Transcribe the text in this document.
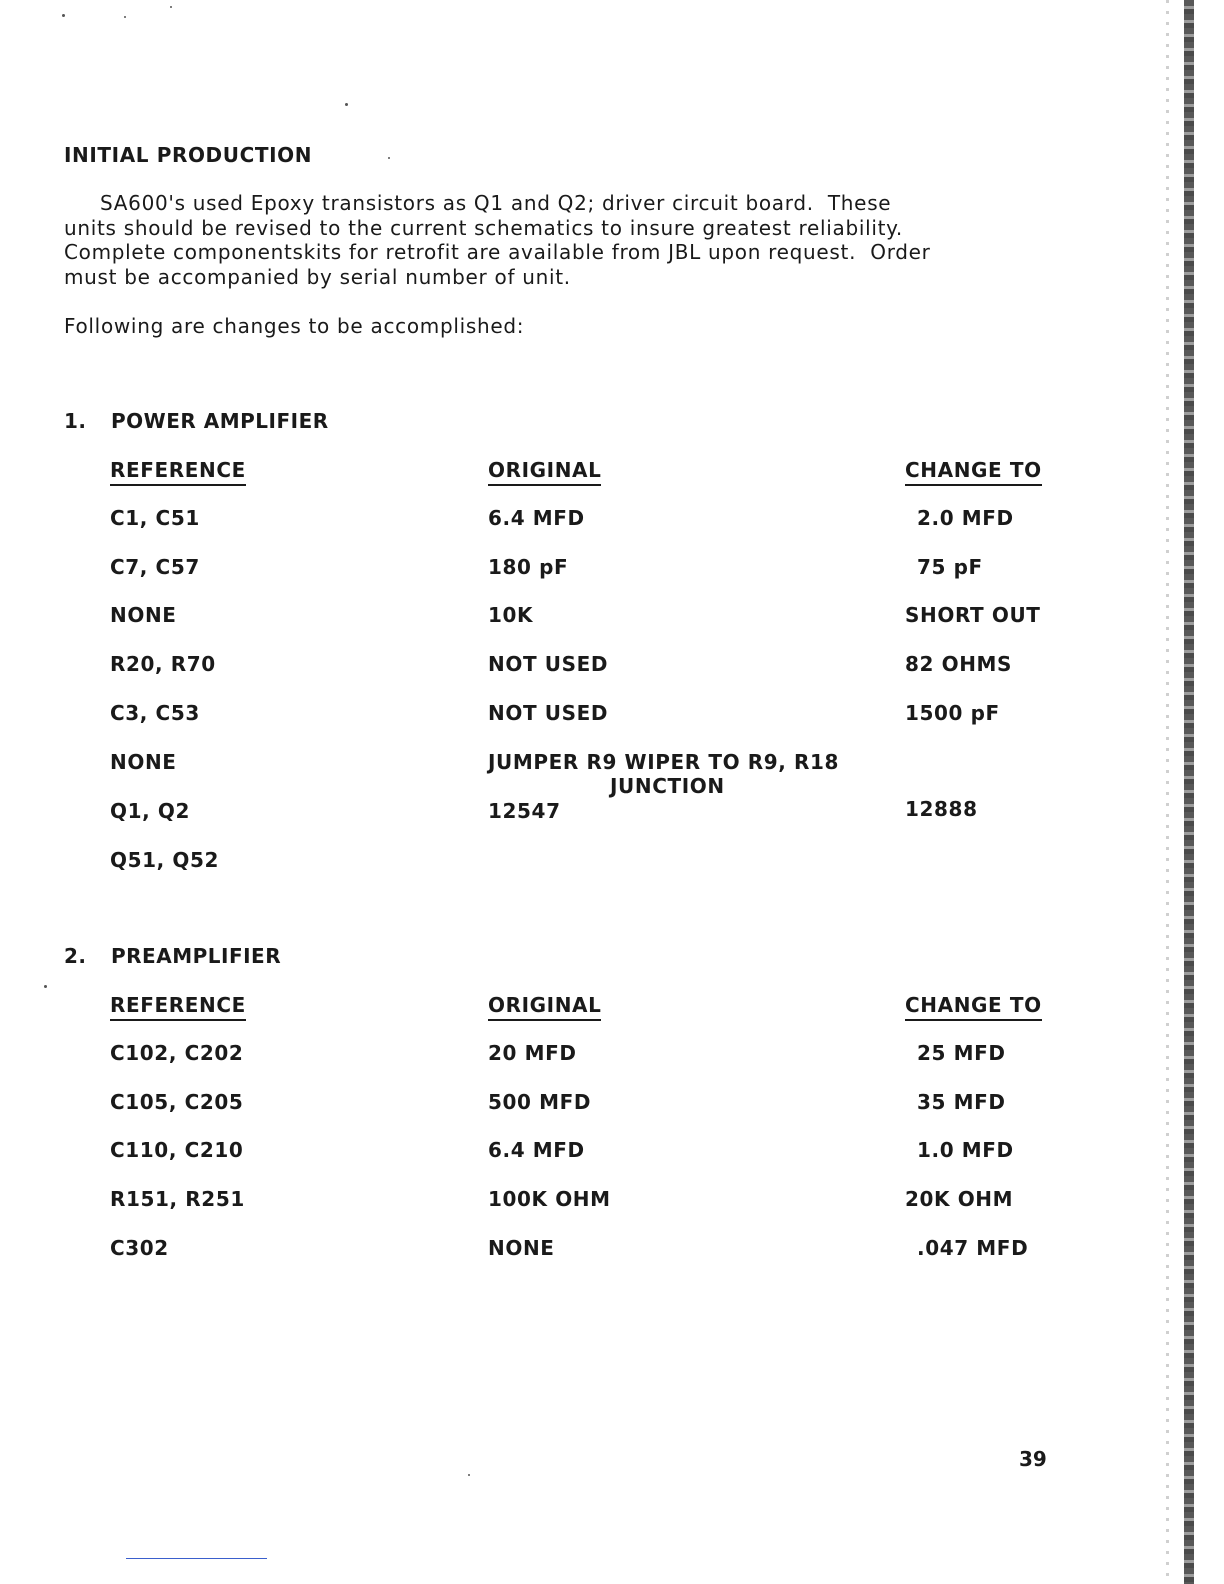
INITIAL PRODUCTION
SA600's used Epoxy transistors as Q1 and Q2; driver circuit board.  These
units should be revised to the current schematics to insure greatest reliability.
Complete componentskits for retrofit are available from JBL upon request.  Order
must be accompanied by serial number of unit.
Following are changes to be accomplished:
1. POWER AMPLIFIER
REFERENCE	ORIGINAL	CHANGE TO
C1, C51	6.4 MFD	2.0 MFD
C7, C57	180 pF	75 pF
NONE	10K	SHORT OUT
R20, R70	NOT USED	82 OHMS
C3, C53	NOT USED	1500 pF
NONE	JUMPER R9 WIPER TO R9, R18
JUNCTION
Q1, Q2	12547	12888
Q51, Q52
2. PREAMPLIFIER
REFERENCE	ORIGINAL	CHANGE TO
C102, C202	20 MFD	25 MFD
C105, C205	500 MFD	35 MFD
C110, C210	6.4 MFD	1.0 MFD
R151, R251	100K OHM	20K OHM
C302	NONE	.047 MFD
39
